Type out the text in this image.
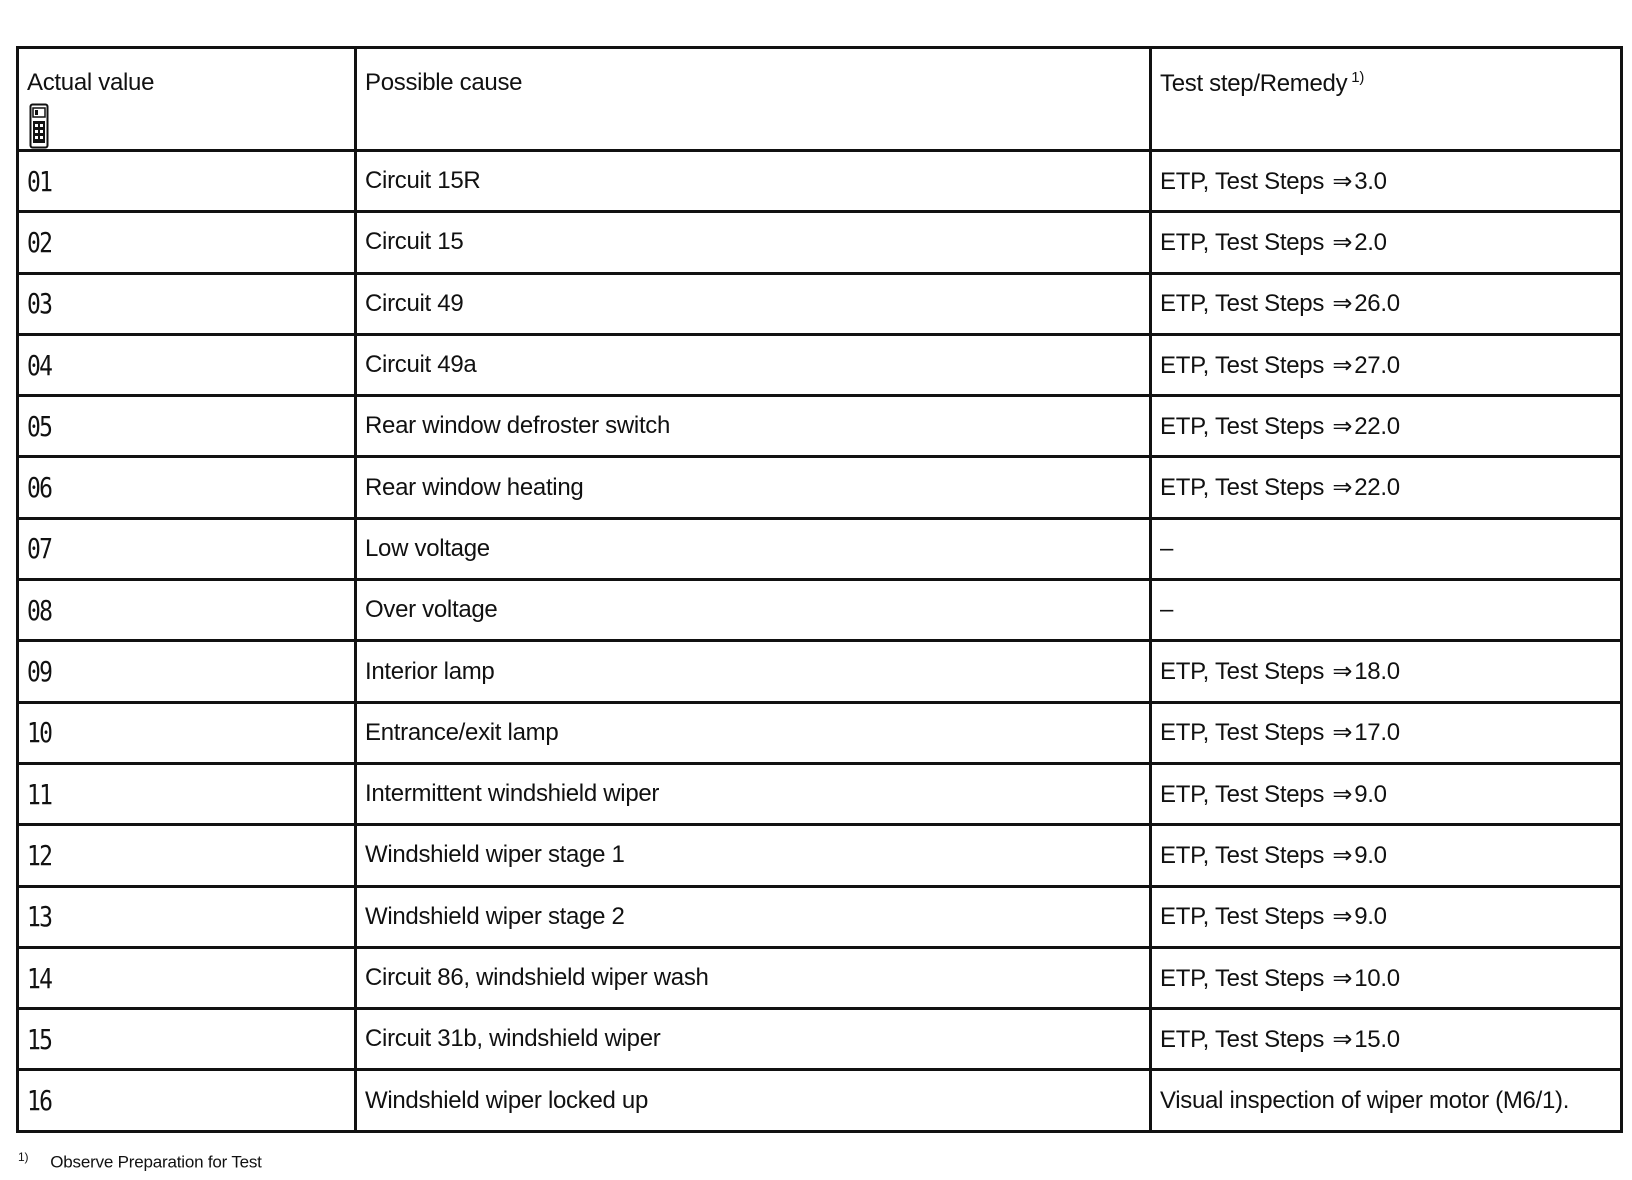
Actual value	Possible cause	Test step/Remedy $^{1)}$
01	Circuit 15R	ETP, Test Steps ⇒3.0
02	Circuit 15	ETP, Test Steps ⇒2.0
03	Circuit 49	ETP, Test Steps ⇒26.0
04	Circuit 49a	ETP, Test Steps ⇒27.0
05	Rear window defroster switch	ETP, Test Steps ⇒22.0
06	Rear window heating	ETP, Test Steps ⇒22.0
07	Low voltage	–
08	Over voltage	–
09	Interior lamp	ETP, Test Steps ⇒18.0
10	Entrance/exit lamp	ETP, Test Steps ⇒17.0
11	Intermittent windshield wiper	ETP, Test Steps ⇒9.0
12	Windshield wiper stage 1	ETP, Test Steps ⇒9.0
13	Windshield wiper stage 2	ETP, Test Steps ⇒9.0
14	Circuit 86, windshield wiper wash	ETP, Test Steps ⇒10.0
15	Circuit 31b, windshield wiper	ETP, Test Steps ⇒15.0
16	Windshield wiper locked up	Visual inspection of wiper motor (M6/1).
$^{1)}$ Observe Preparation for Test
